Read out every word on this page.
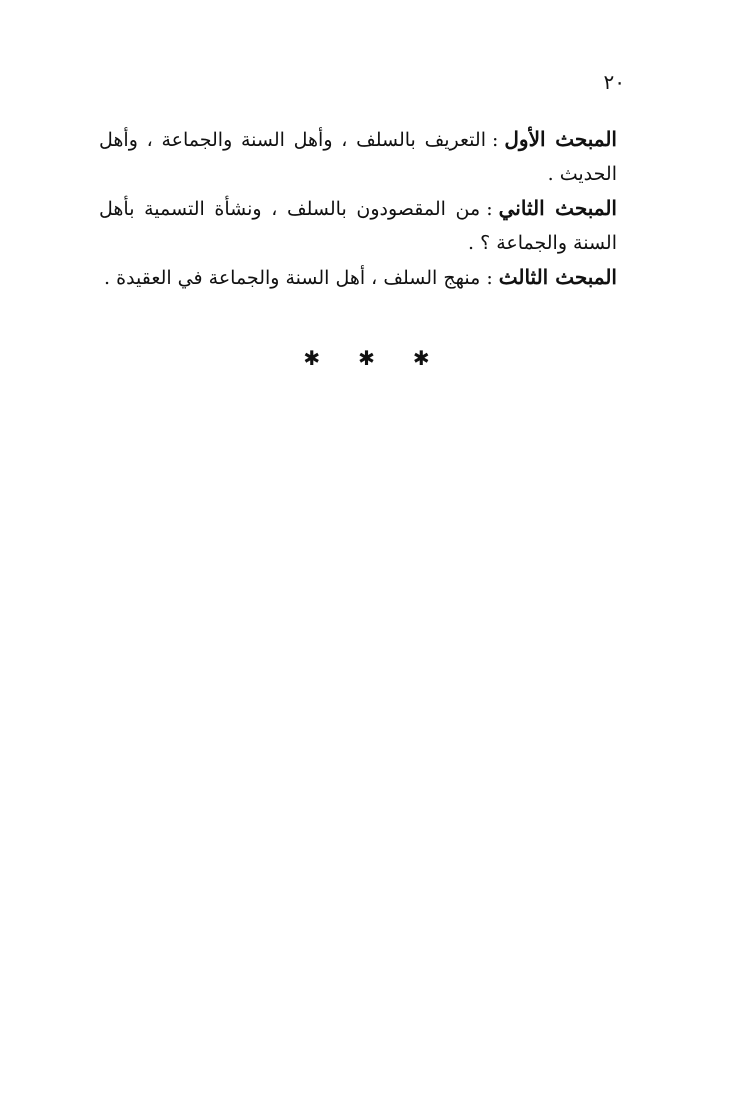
٢٠

المبحث الأول:التعريف بالسلف ، وأهل السنة والجماعة ، وأهل الحديث .

المبحث الثاني:من المقصودون بالسلف ، ونشأة التسمية بأهل السنة والجماعة ؟ .

المبحث الثالث:منهج السلف ، أهل السنة والجماعة في العقيدة .

✱✱✱
